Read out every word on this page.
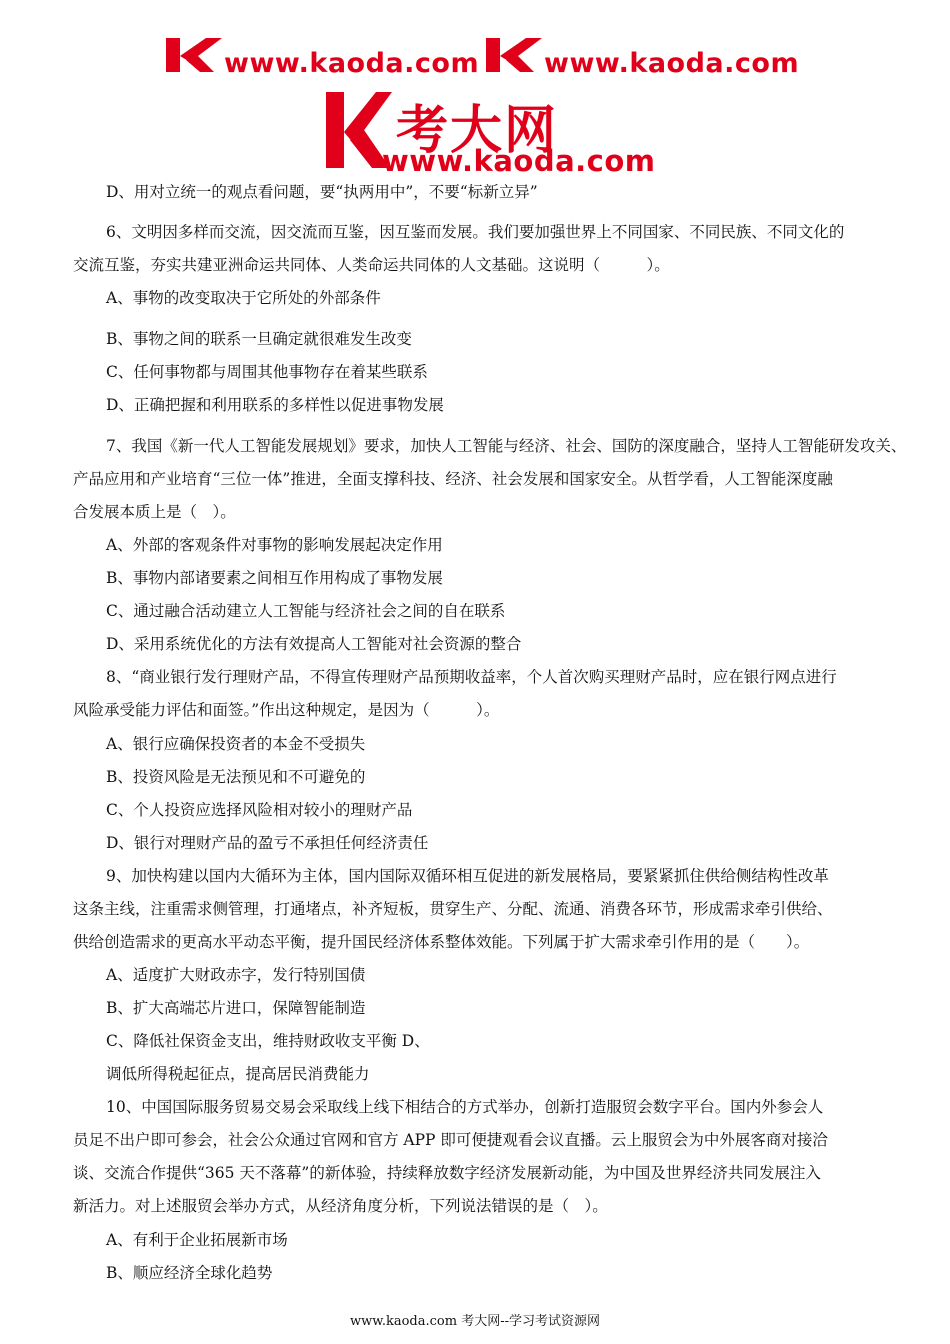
www.kaoda.com www.kaoda.com
考大网
www.kaoda.com
D、用对立统一的观点看问题，要“执两用中”，不要“标新立异”
6、文明因多样而交流，因交流而互鉴，因互鉴而发展。我们要加强世界上不同国家、不同民族、不同文化的
交流互鉴，夯实共建亚洲命运共同体、人类命运共同体的人文基础。这说明（　　　）。
A、事物的改变取决于它所处的外部条件
B、事物之间的联系一旦确定就很难发生改变
C、任何事物都与周围其他事物存在着某些联系
D、正确把握和利用联系的多样性以促进事物发展
7、我国《新一代人工智能发展规划》要求，加快人工智能与经济、社会、国防的深度融合，坚持人工智能研发攻关、
产品应用和产业培育“三位一体”推进，全面支撑科技、经济、社会发展和国家安全。从哲学看，人工智能深度融
合发展本质上是（　）。
A、外部的客观条件对事物的影响发展起决定作用
B、事物内部诸要素之间相互作用构成了事物发展
C、通过融合活动建立人工智能与经济社会之间的自在联系
D、采用系统优化的方法有效提高人工智能对社会资源的整合
8、“商业银行发行理财产品，不得宣传理财产品预期收益率，个人首次购买理财产品时，应在银行网点进行
风险承受能力评估和面签。”作出这种规定，是因为（　　　）。
A、银行应确保投资者的本金不受损失
B、投资风险是无法预见和不可避免的
C、个人投资应选择风险相对较小的理财产品
D、银行对理财产品的盈亏不承担任何经济责任
9、加快构建以国内大循环为主体，国内国际双循环相互促进的新发展格局，要紧紧抓住供给侧结构性改革
这条主线，注重需求侧管理，打通堵点，补齐短板，贯穿生产、分配、流通、消费各环节，形成需求牵引供给、
供给创造需求的更高水平动态平衡，提升国民经济体系整体效能。下列属于扩大需求牵引作用的是（　　）。
A、适度扩大财政赤字，发行特别国债
B、扩大高端芯片进口，保障智能制造
C、降低社保资金支出，维持财政收支平衡 D、
调低所得税起征点，提高居民消费能力
10、中国国际服务贸易交易会采取线上线下相结合的方式举办，创新打造服贸会数字平台。国内外参会人
员足不出户即可参会，社会公众通过官网和官方 APP 即可便捷观看会议直播。云上服贸会为中外展客商对接洽
谈、交流合作提供“365 天不落幕”的新体验，持续释放数字经济发展新动能，为中国及世界经济共同发展注入
新活力。对上述服贸会举办方式，从经济角度分析，下列说法错误的是（　）。
A、有利于企业拓展新市场
B、顺应经济全球化趋势
www.kaoda.com 考大网--学习考试资源网
